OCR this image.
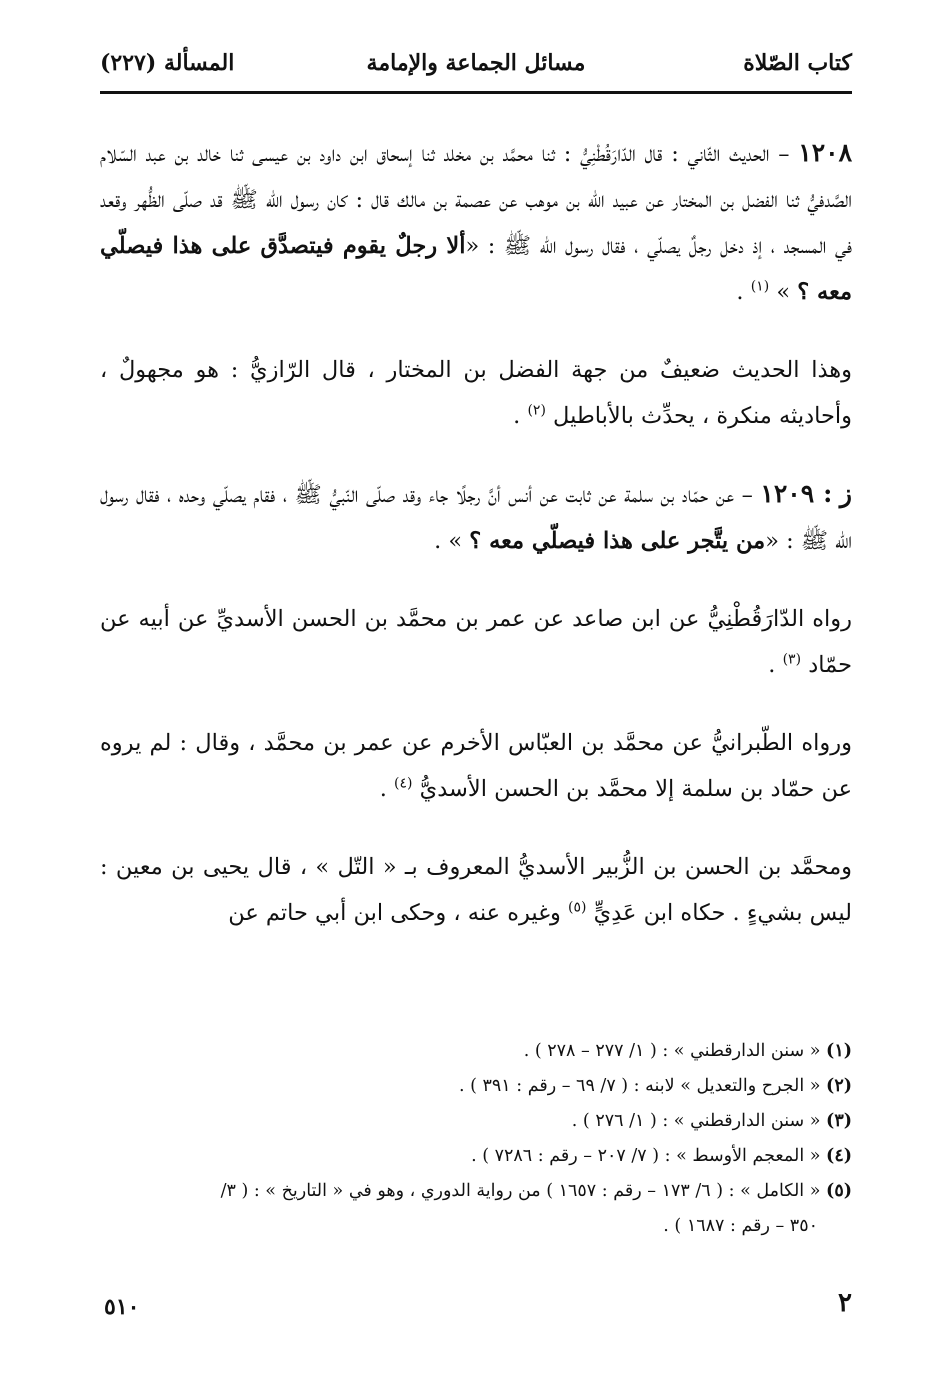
كتاب الصّلاة
مسائل الجماعة والإمامة
المسألة (٢٢٧)

١٢٠٨ – الحديث الثّاني : قال الدّارَقُطْنِيُّ : ثنا محمَّد بن مخلد ثنا إسحاق ابن داود بن عيسى ثنا خالد بن عبد السّلام الصَّدفيُّ ثنا الفضل بن المختار عن عبيد الله بن موهب عن عصمة بن مالك قال : كان رسول الله ﷺ قد صلّى الظُّهر وقعد في المسجد ، إذ دخل رجلٌ يصلّي ، فقال رسول الله ﷺ : «ألا رجلٌ يقوم فيتصدَّق على هذا فيصلّي معه ؟ » $^{(١)}$ .

وهذا الحديث ضعيفٌ من جهة الفضل بن المختار ، قال الرّازيُّ : هو مجهولٌ ، وأحاديثه منكرة ، يحدِّث بالأباطيل $^{(٢)}$ .

ز : ١٢٠٩ – عن حمّاد بن سلمة عن ثابت عن أنس أنَّ رجلًا جاء وقد صلّى النّبيُّ ﷺ ، فقام يصلّي وحده ، فقال رسول الله ﷺ : «من يتَّجر على هذا فيصلّي معه ؟ » .

رواه الدّارَقُطْنِيُّ عن ابن صاعد عن عمر بن محمَّد بن الحسن الأسديِّ عن أبيه عن حمّاد $^{(٣)}$ .

ورواه الطّبرانيُّ عن محمَّد بن العبّاس الأخرم عن عمر بن محمَّد ، وقال : لم يروه عن حمّاد بن سلمة إلا محمَّد بن الحسن الأسديُّ $^{(٤)}$ .

ومحمَّد بن الحسن بن الزُّبير الأسديُّ المعروف بـ « التّل » ، قال يحيى بن معين : ليس بشيءٍ . حكاه ابن عَدِيٍّ $^{(٥)}$ وغيره عنه ، وحكى ابن أبي حاتم عن

(١) « سنن الدارقطني » : ( ١/ ٢٧٧ – ٢٧٨ ) .

(٢) « الجرح والتعديل » لابنه : ( ٧/ ٦٩ – رقم : ٣٩١ ) .

(٣) « سنن الدارقطني » : ( ١/ ٢٧٦ ) .

(٤) « المعجم الأوسط » : ( ٧/ ٢٠٧ – رقم : ٧٢٨٦ ) .

(٥) « الكامل » : ( ٦/ ١٧٣ – رقم : ١٦٥٧ ) من رواية الدوري ، وهو في « التاريخ » : ( ٣/

٣٥٠ – رقم : ١٦٨٧ ) .

٢
٥١٠
